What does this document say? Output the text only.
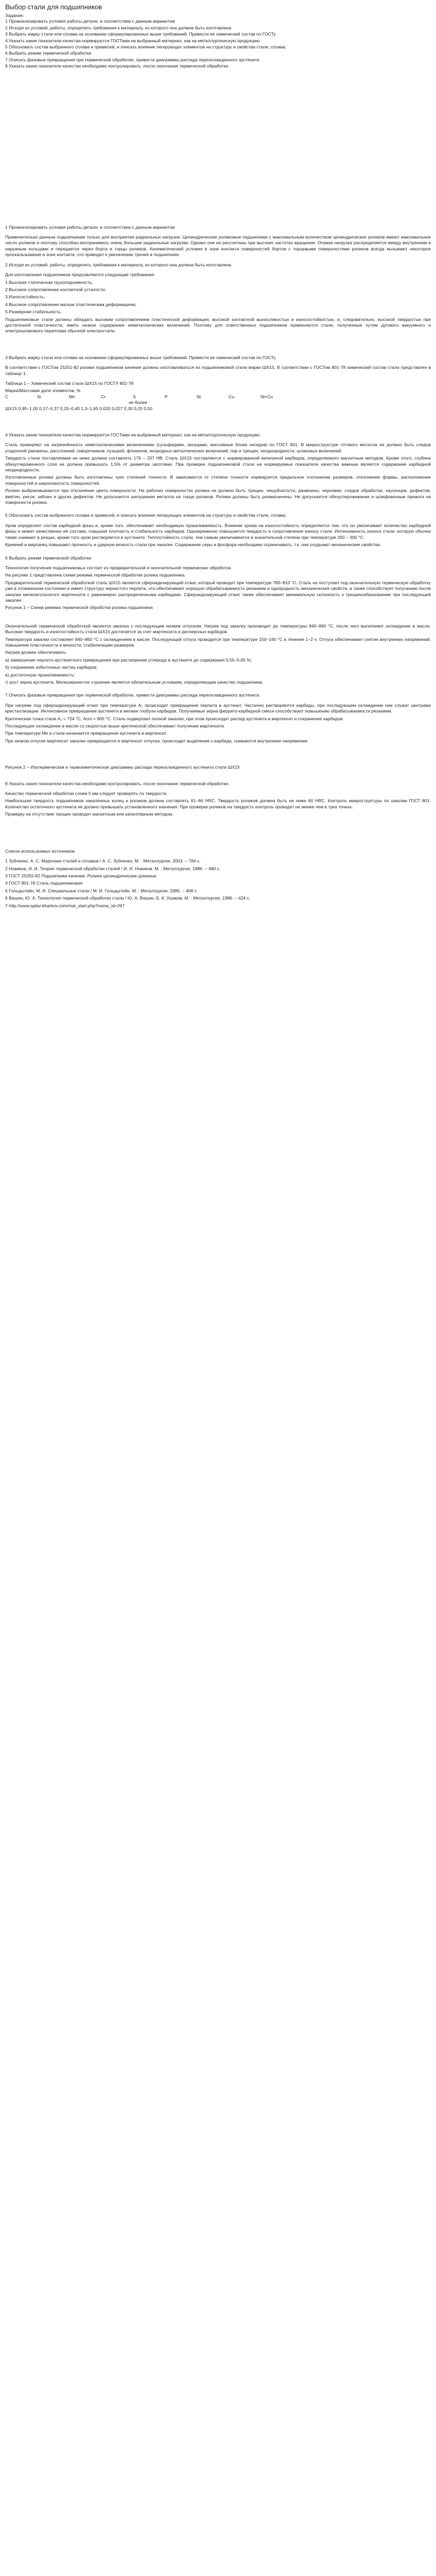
Выбор стали для подшипников

Задание:

1 Проанализировать условия работы детали, в соответствии с данным вариантом

2 Исходя из условий, работы, определить требования к материалу, из которого она должна быть изготовлена.

3 Выбрать марку стали или сплава на основании сформулированных выше требований. Привести ее химический состав по ГОСТу

4 Указать какие показатели качества нормируются ГОСТами на выбранный материал, как на металлургическую продукцию.

5 Обосновать состав выбранного сплава и примесей, и описать влияние легирующих элементов на структуру и свойства стали, сплава;

6 Выбрать режим термической обработки

7 Описать фазовые превращения при термической обработке, привести диаграммы распада переохлажденного аустенита

8 Указать какие показатели качества необходимо контролировать, после окончания термической обработки.

1 Проанализировать условия работы детали, в соответствии с данным вариантом

Применительно данным подшипникам только для восприятия радиальных нагрузок. Цилиндрические роликовые подшипники с максимальным количеством цилиндрических роликов имеют максимальное число роликов и поэтому способны воспринимать очень большие радиальные нагрузки. Однако они не рассчитаны при высоких частотах вращения. Осевая нагрузка распределяется между внутренним и наружным кольцами и передается через борта и торцы роликов. Кинематический условия в зоне контакта поверхностей бортов с торцевыми поверхностями роликов всегда вызывают некоторое проскальзывание в зоне контакта, что приводит к увеличению трения в подшипнике.

2.Исходя из условий, работы, определить требования к материалу, из которого она должна быть изготовлена.

Для изготовления подшипников предъявляются следующие требования:

1.Высокая статическая грузоподъемность;

2.Высокое сопротивление контактной усталости;

3.Износостойкость;

4.Высокое сопротивление малым пластическим деформациям;

5.Размерная стабильность.

Подшипниковые стали должны обладать высоким сопротивлением пластической деформации, высокой контактной выносливостью и износостойкостью, и, следовательно, высокой твердостью при достаточной пластичности, иметь низкое содержание неметаллических включений. Поэтому для ответственных подшипников применяются стали, полученные путем дугового вакуумного и электрошлакового переплава обычной электростали.

3 Выбрать марку стали или сплава на основании сформулированных выше требований. Привести ее химический состав по ГОСТу

В соответствии с ГОСТом 25251-82 ролики подшипников качения должны изготавливаться из подшипниковой стали марки ШХ15. В соответствии с ГОСТом 801-78 химический состав стали представлен в таблице 1.

Таблица 1 – Химический состав стали ШХ15 по ГОСТУ 801-78

Марка/Массовая доля элементов, %

С	Si	Mn	Cr	S	P	Ni	Cu	Ni+Cu

не более

ШХ15 0,95–1,05 0,17–0,37 0,20–0,40 1,3–1,65 0,020 0,027 0,30 0,25 0,50

4 Указать какие показатели качества нормируются ГОСТами на выбранный материал, как на металлургическую продукцию.

Сталь проверяют на загрязнённость неметаллическими включениями (сульфидами, оксидами, массивные блоки оксидов) по ГОСТ 801. В макроструктуре готового металла не должно быть следов усадочной раковины, расслоений, скворечников, пузырей, флокенов, инородных металлических включений, пор и трещин, неоднородности, шлаковых включений.

Твердость стали поставляемая не ниже должна составлять 179 – 207 НВ. Сталь ШХ15 поставляется с нормированной величиной карбидов, определяемого магнитным методом. Кроме этого, глубина обезуглероженного слоя не должна превышать 1,5% от диаметра заготовки. При проверке подшипниковой стали на нормируемые показатели качества важным является содержание карбидной неоднородности.

Изготовленные ролики должны быть изготовлены трех степеней точности. В зависимости от степени точности нормируется предельное отклонение размеров, отклонение формы, расположение поверхностей и шероховатость поверхностей.

Ролики выбраковываются при отклонении цвета поверхности. На рабочих поверхностях ролика не должно быть трещин, чешуйчатости, ржавчины, черновин, следов обработки, заусенцев, дефектов, вмятин, рисок, забоин и других дефектов. Не допускается шелушение металла на торце роликов. Ролики должны быть размагничены. Не допускается обезуглероживание и шлифовочные прижоги на поверхности ролика.

5 Обосновать состав выбранного сплава и примесей, и описать влияние легирующих элементов на структуру и свойства стали, сплава;

Хром определяет состав карбидной фазы и, кроме того, обеспечивает необходимую прокаливаемость. Влияние хрома на износостойкость определяется тем, что он увеличивает количество карбидной фазы и может качественно её состава, повышая плотность и стабильность карбидов. Одновременно повышается твердость и сопротивление износу стали. Интенсивность износа стали, которую обычно также снижают в резцах, кроме того хром растворяется в аустените. Теплостойкость стали, тем самым увеличивается в значительной степени при температуре 250 – 300 °С.

Кремний и марганец повышают прочность и ударную вязкость стали при закалке. Содержание серы и фосфора необходимо ограничивать, т.к. они ухудшают механические свойства.

6 Выбрать режим термической обработки

Технология получения подшипниковых состоит из предварительной и окончательной термических обработок.

На рисунке 1 представлена схема режима термической обработки ролика подшипника.

Предварительной термической обработкой сталь ШХ15 является сфероидизирующий отжиг, который проводят при температуре 780–810 °С. Сталь не поступает под окончательную термическую обработку уже в отожженном состоянии и имеет структуру зернистого перлита, что обеспечивает хорошую обрабатываемость резанием и однородность механических свойств, а также способствует получению после закалки мелкоигольчатого мартенсита с равномерно распределенными карбидами. Сфероидизирующий отжиг также обеспечивает минимальную склонность к трещинообразованию при последующей закалке.

Рисунок 1 – Схема режима термической обработки ролика подшипника

Окончательной термической обработкой является закалка с последующим низким отпуском. Нагрев под закалку производят до температуры 840–860 °С, после чего выполняют охлаждение в масле. Высокая твердость и износостойкость стали ШХ15 достигается за счет мартенсита и дисперсных карбидов.

Температура закалки составляет 840–860 °С с охлаждением в масле. Последующий отпуск проводится при температуре 150–160 °С в течение 1–2 ч. Отпуск обеспечивает снятие внутренних напряжений, повышение пластичности и вязкости, стабилизацию размеров.

Нагрев должен обеспечивать:

а) завершение перлито-аустенитного превращения при растворении углерода в аустените до содержания 0,55–0,65 %;

б) сохранение избыточных частиц карбидов;

в) достаточную прокаливаемость;

г) рост зерна аустенита. Мелкозернистое строение является обязательным условием, определяющим качество подшипника.

7 Описать фазовые превращения при термической обработке, привести диаграммы распада переохлажденного аустенита

При нагреве под сфероидизирующий отжиг при температуре A₁ происходит превращение перлита в аустенит. Частично растворяются карбиды, при последующем охлаждении они служат центрами кристаллизации. Интенсивное превращение аустенита в мелкие глобули карбидов. Получаемые зерна феррито-карбидной смеси способствуют повышению обрабатываемости резанием.

Критическая точка стали A₁ = 724 °С, Аcm = 900 °С. Сталь подвергают полной закалке, при этом происходит распад аустенита в мартенсит и сохранение карбидов.

Последующее охлаждение в масле со скоростью выше критической обеспечивает получение мартенсита.

При температуре Mн в стали начинается превращение аустенита в мартенсит.

При низком отпуске мартенсит закалки превращается в мартенсит отпуска, происходит выделение ε-карбида, снижаются внутренние напряжения.

Рисунок 2 – Изотермическая и термокинетическая диаграммы распада переохлажденного аустенита стали ШХ15

8 Указать какие показатели качества необходимо контролировать, после окончания термической обработки.

Качество термической обработки слоев 5 мм следует проверять по твердости.

Наибольшая твердость подшипников закалённых колец и роликов должна составлять 61–66 HRC. Твердость роликов должна быть не ниже 60 HRC. Контроль микроструктуры по шкалам ГОСТ 801. Количество остаточного аустенита не должно превышать установленного значения. При проверке роликов на твердость контроль проводят не менее чем в трех точках.

Проверку на отсутствие трещин проводят магнитным или капиллярным методом.

Список используемых источников

1 Зубченко, А. С. Марочник сталей и сплавов / А. С. Зубченко, М. : Металлургия, 2003. – 784 с.

2 Новиков, И. И. Теория термической обработки сталей / И. И. Новиков. М. : Металлургия, 1986. – 480 с.

3 ГОСТ 25255-82 Подшипники качения. Ролики цилиндрические длинные

4 ГОСТ 801-78 Сталь подшипниковая

5 Гольдштейн, М. И. Специальные стали / М. И. Гольдштейн. М. : Металлургия, 1985. – 408 с.

6 Вашин, Ю. А. Технология термической обработки стали / Ю. А. Вашин, Б. К. Ушаков. М. : Металлургия, 1986. – 424 с.

7 http://www.splav-kharkov.com/mat_start.php?name_id=267
